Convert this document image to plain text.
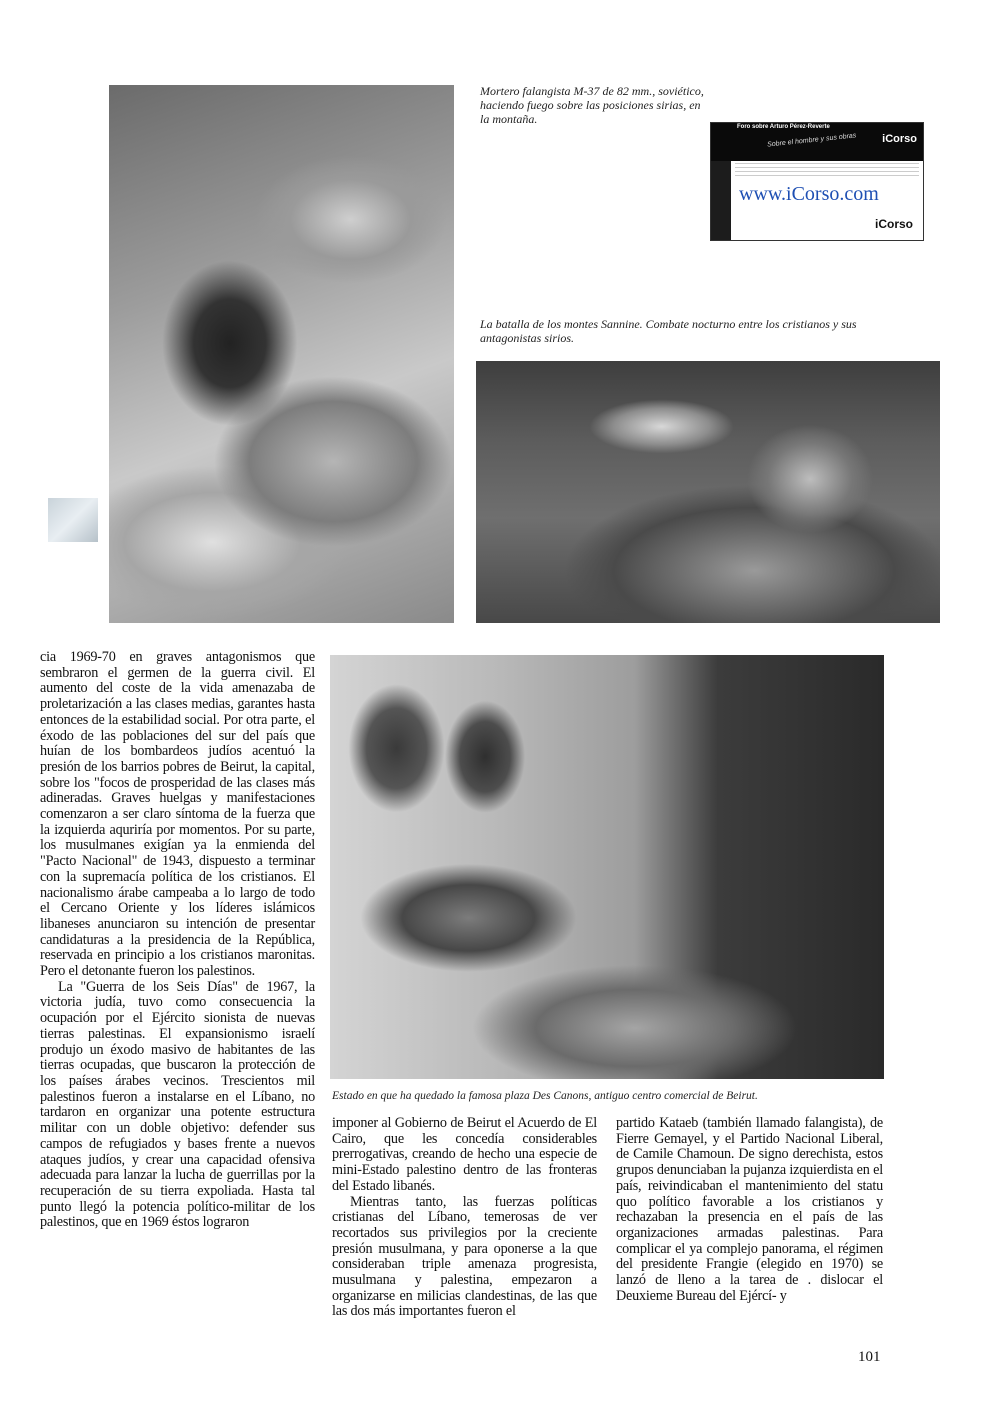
Mortero falangista M-37 de 82 mm., soviético, haciendo fuego sobre las posiciones sirias, en la montaña.
Foro sobre Arturo Pérez-Reverte
Sobre el hombre y sus obras iCorso
www.iCorso.com
iCorso
La batalla de los montes Sannine. Combate nocturno entre los cristianos y sus antagonistas sirios.
Estado en que ha quedado la famosa plaza Des Canons, antiguo centro comercial de Beirut.

cia 1969-70 en graves antagonismos que sembraron el germen de la guerra civil. El aumento del coste de la vida amenazaba de proletarización a las clases medias, garantes hasta entonces de la estabilidad social. Por otra parte, el éxodo de las poblaciones del sur del país que huían de los bombardeos judíos acentuó la presión de los barrios pobres de Beirut, la capital, sobre los "focos de prosperidad de las clases más adineradas. Graves huelgas y manifestaciones comenzaron a ser claro síntoma de la fuerza que la izquierda aquriría por momentos. Por su parte, los musulmanes exigían ya la enmienda del "Pacto Nacional" de 1943, dispuesto a terminar con la supremacía política de los cristianos. El nacionalismo árabe campeaba a lo largo de todo el Cercano Oriente y los líderes islámicos libaneses anunciaron su intención de presentar candidaturas a la presidencia de la República, reservada en principio a los cristianos maronitas. Pero el detonante fueron los palestinos.

La "Guerra de los Seis Días" de 1967, la victoria judía, tuvo como consecuencia la ocupación por el Ejército sionista de nuevas tierras palestinas. El expansionismo israelí produjo un éxodo masivo de habitantes de las tierras ocupadas, que buscaron la protección de los países árabes vecinos. Trescientos mil palestinos fueron a instalarse en el Líbano, no tardaron en organizar una potente estructura militar con un doble objetivo: defender sus campos de refugiados y bases frente a nuevos ataques judíos, y crear una capacidad ofensiva adecuada para lanzar la lucha de guerrillas por la recuperación de su tierra expoliada. Hasta tal punto llegó la potencia político-militar de los palestinos, que en 1969 éstos lograron

imponer al Gobierno de Beirut el Acuerdo de El Cairo, que les concedía considerables prerrogativas, creando de hecho una especie de mini-Estado palestino dentro de las fronteras del Estado libanés.

Mientras tanto, las fuerzas políticas cristianas del Líbano, temerosas de ver recortados sus privilegios por la creciente presión musulmana, y para oponerse a la que consideraban triple amenaza progresista, musulmana y palestina, empezaron a organizarse en milicias clandestinas, de las que las dos más importantes fueron el

partido Kataeb (también llamado falangista), de Fierre Gemayel, y el Partido Nacional Liberal, de Camile Chamoun. De signo derechista, estos grupos denunciaban la pujanza izquierdista en el país, reivindicaban el mantenimiento del statu quo político favorable a los cristianos y rechazaban la presencia en el país de las organizaciones armadas palestinas. Para complicar el ya complejo panorama, el régimen del presidente Frangie (elegido en 1970) se lanzó de lleno a la tarea de . dislocar el Deuxieme Bureau del Ejércí- y

101
